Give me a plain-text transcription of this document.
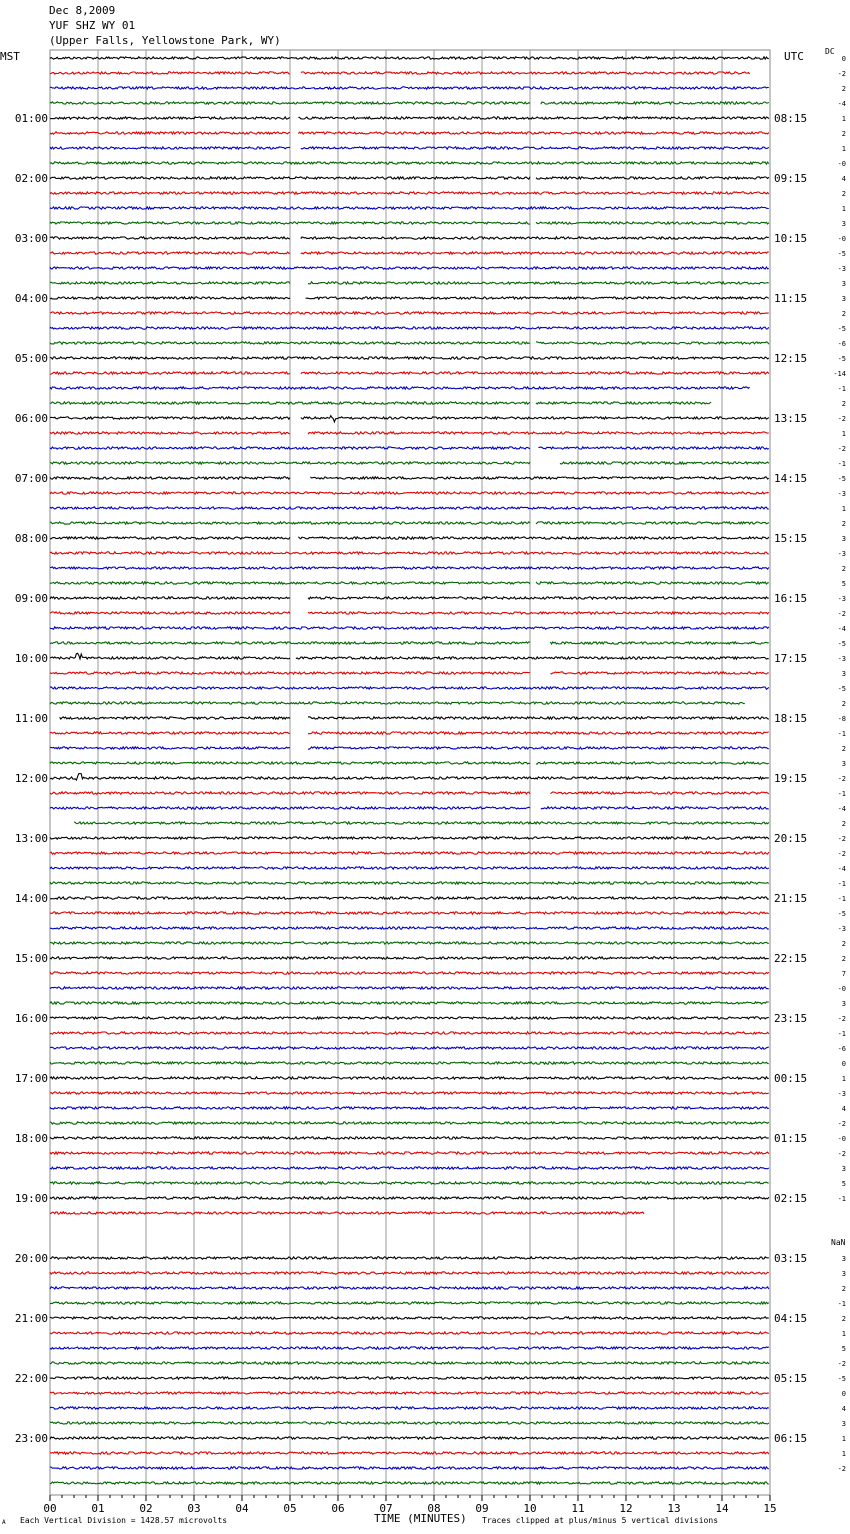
Dec 8,2009
YUF SHZ WY 01
(Upper Falls, Yellowstone Park, WY)
MST	UTC	DC
NaN
01:00
02:00
03:00
04:00
05:00
06:00
07:00
08:00
09:00
10:00
11:00
12:00
13:00
14:00
15:00
16:00
17:00
18:00
19:00
20:00
21:00
22:00
23:00
08:15
09:15
10:15
11:15
12:15
13:15
14:15
15:15
16:15
17:15
18:15
19:15
20:15
21:15
22:15
23:15
00:15
01:15
02:15
03:15
04:15
05:15
06:15
0
-2
2
-4
1
2
1
-0
4
2
1
3
-0
-5
-3
3
3
2
-5
-6
-5
-14
-1
2
-2
1
-2
-1
-5
-3
1
2
3
-3
2
5
-3
-2
-4
-5
-3
3
-5
2
-8
-1
2
3
-2
-1
-4
2
-2
-2
-4
-1
-1
-5
-3
2
2
7
-0
3
-2
-1
-6
0
1
-3
4
-2
-0
-2
3
5
-1
3
3
2
-1
2
1
5
-2
-5
0
4
3
1
1
-2
00	01	02	03	04	05	06	07	08	09	10	11	12	13	14	15
TIME (MINUTES)
Each Vertical Division = 1428.57 microvolts	Traces clipped at plus/minus 5 vertical divisions
A
